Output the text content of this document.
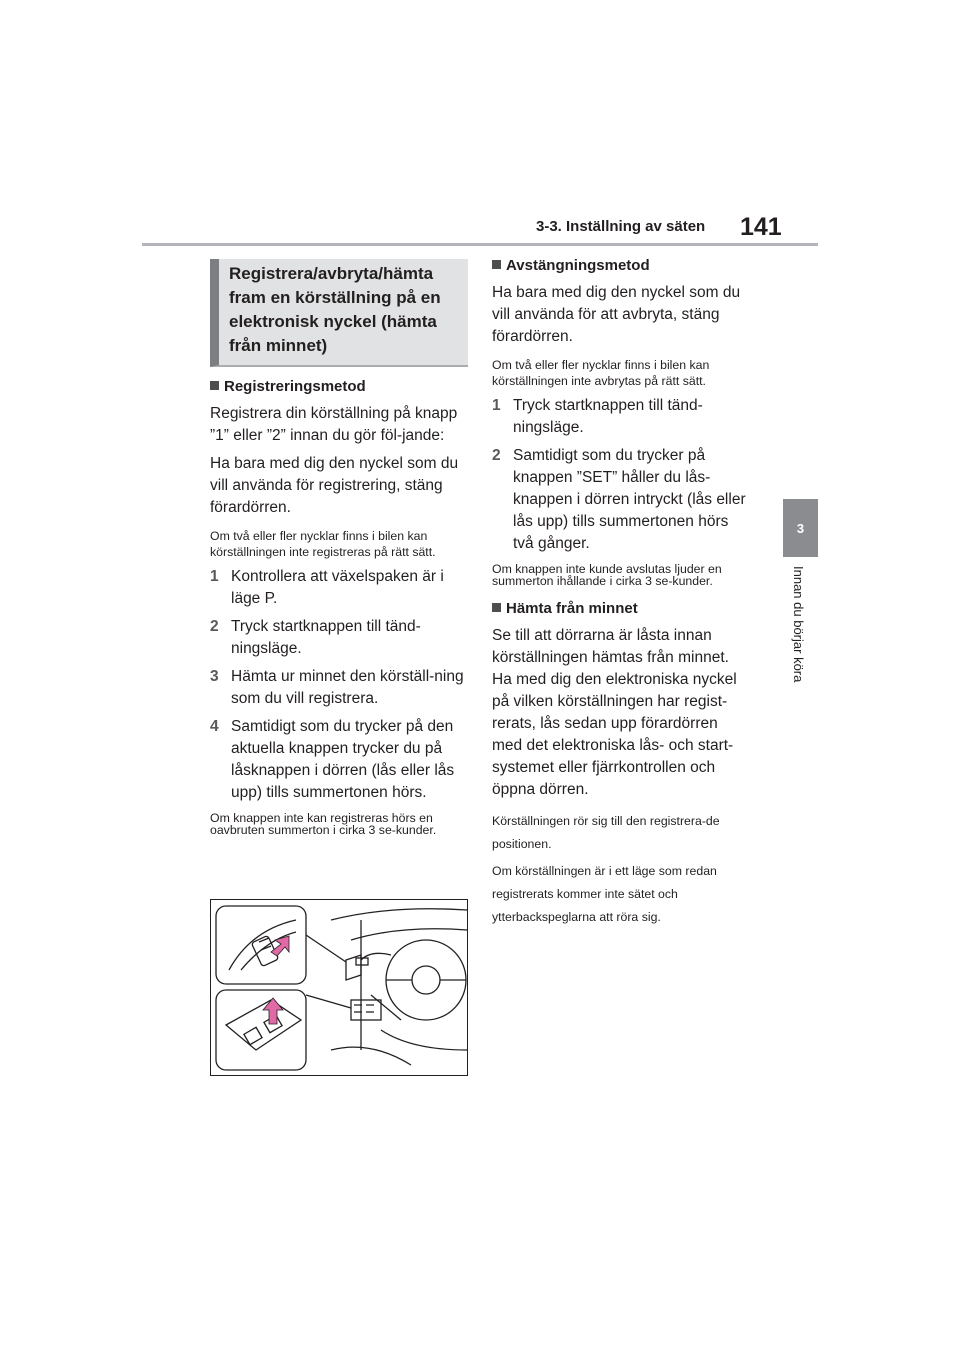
3-3. Inställning av säten 141
3
Innan du börjar köra
Registrera/avbryta/hämta fram en körställning på en elektronisk nyckel (hämta från minnet)
Registreringsmetod
Registrera din körställning på knapp ”1” eller ”2” innan du gör föl-jande:
Ha bara med dig den nyckel som du vill använda för registrering, stäng förardörren.
Om två eller fler nycklar finns i bilen kan körställningen inte registreras på rätt sätt.
1 Kontrollera att växelspaken är i läge P.
2 Tryck startknappen till tänd-ningsläge.
3 Hämta ur minnet den körställ-ning som du vill registrera.
4 Samtidigt som du trycker på den aktuella knappen trycker du på låsknappen i dörren (lås eller lås upp) tills summertonen hörs.
Om knappen inte kan registreras hörs en oavbruten summerton i cirka 3 se-kunder.
Avstängningsmetod
Ha bara med dig den nyckel som du vill använda för att avbryta, stäng förardörren.
Om två eller fler nycklar finns i bilen kan körställningen inte avbrytas på rätt sätt.
1 Tryck startknappen till tänd-ningsläge.
2 Samtidigt som du trycker på knappen ”SET” håller du lås-knappen i dörren intryckt (lås eller lås upp) tills summertonen hörs två gånger.
Om knappen inte kunde avslutas ljuder en summerton ihållande i cirka 3 se-kunder.
Hämta från minnet
Se till att dörrarna är låsta innan körställningen hämtas från minnet. Ha med dig den elektroniska nyckel på vilken körställningen har regist-rerats, lås sedan upp förardörren med det elektroniska lås- och start-systemet eller fjärrkontrollen och öppna dörren.
Körställningen rör sig till den registrera-de positionen.
Om körställningen är i ett läge som redan registrerats kommer inte sätet och ytterbackspeglarna att röra sig.
